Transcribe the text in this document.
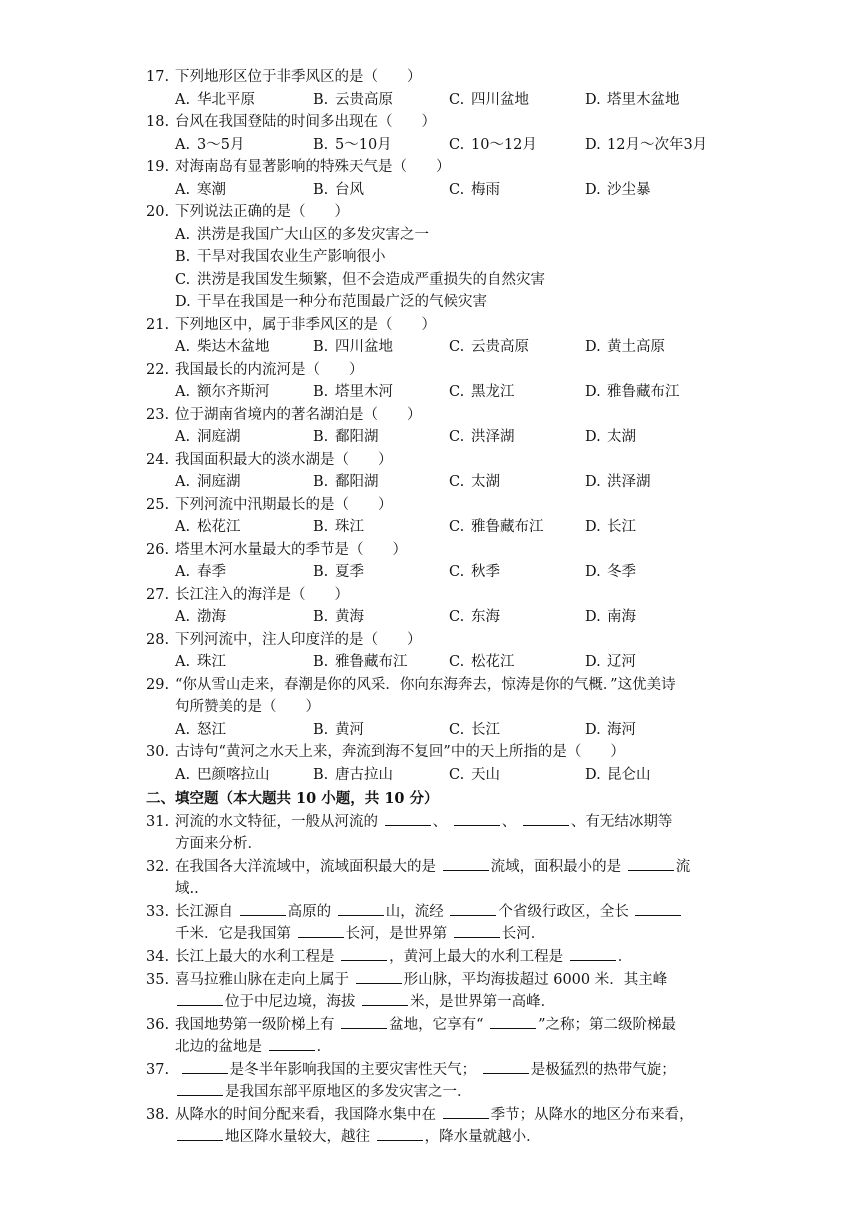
17. 下列地形区位于非季风区的是（　　）
A. 华北平原	B. 云贵高原	C. 四川盆地	D. 塔里木盆地
18. 台风在我国登陆的时间多出现在（　　）
A. 3～5月	B. 5～10月	C. 10～12月	D. 12月～次年3月
19. 对海南岛有显著影响的特殊天气是（　　）
A. 寒潮	B. 台风	C. 梅雨	D. 沙尘暴
20. 下列说法正确的是（　　）
A. 洪涝是我国广大山区的多发灾害之一
B. 干旱对我国农业生产影响很小
C. 洪涝是我国发生频繁，但不会造成严重损失的自然灾害
D. 干旱在我国是一种分布范围最广泛的气候灾害
21. 下列地区中，属于非季风区的是（　　）
A. 柴达木盆地	B. 四川盆地	C. 云贵高原	D. 黄土高原
22. 我国最长的内流河是（　　）
A. 额尔齐斯河	B. 塔里木河	C. 黑龙江	D. 雅鲁藏布江
23. 位于湖南省境内的著名湖泊是（　　）
A. 洞庭湖	B. 鄱阳湖	C. 洪泽湖	D. 太湖
24. 我国面积最大的淡水湖是（　　）
A. 洞庭湖	B. 鄱阳湖	C. 太湖	D. 洪泽湖
25. 下列河流中汛期最长的是（　　）
A. 松花江	B. 珠江	C. 雅鲁藏布江	D. 长江
26. 塔里木河水量最大的季节是（　　）
A. 春季	B. 夏季	C. 秋季	D. 冬季
27. 长江注入的海洋是（　　）
A. 渤海	B. 黄海	C. 东海	D. 南海
28. 下列河流中，注人印度洋的是（　　）
A. 珠江	B. 雅鲁藏布江	C. 松花江	D. 辽河
29. “你从雪山走来，春潮是你的风采．你向东海奔去，惊涛是你的气概．”这优美诗
句所赞美的是（　　）
A. 怒江	B. 黄河	C. 长江	D. 海河
30. 古诗句“黄河之水天上来，奔流到海不复回”中的天上所指的是（　　）
A. 巴颜喀拉山	B. 唐古拉山	C. 天山	D. 昆仑山
二、填空题（本大题共 10 小题，共 10 分）
31. 河流的水文特征，一般从河流的	、	、	、有无结冰期等
方面来分析．
32. 在我国各大洋流域中，流域面积最大的是	流域，面积最小的是	流
域..
33. 长江源自	高原的	山，流经	个省级行政区，全长
千米．它是我国第	长河，是世界第	长河．
34. 长江上最大的水利工程是	，黄河上最大的水利工程是	．
35. 喜马拉雅山脉在走向上属于	形山脉，平均海拔超过 6000 米．其主峰
位于中尼边境，海拔	米，是世界第一高峰．
36. 我国地势第一级阶梯上有	盆地，它享有“	”之称；第二级阶梯最
北边的盆地是	．
37.	是冬半年影响我国的主要灾害性天气；	是极猛烈的热带气旋；
是我国东部平原地区的多发灾害之一．
38. 从降水的时间分配来看，我国降水集中在	季节；从降水的地区分布来看，
地区降水量较大，越往	，降水量就越小．
